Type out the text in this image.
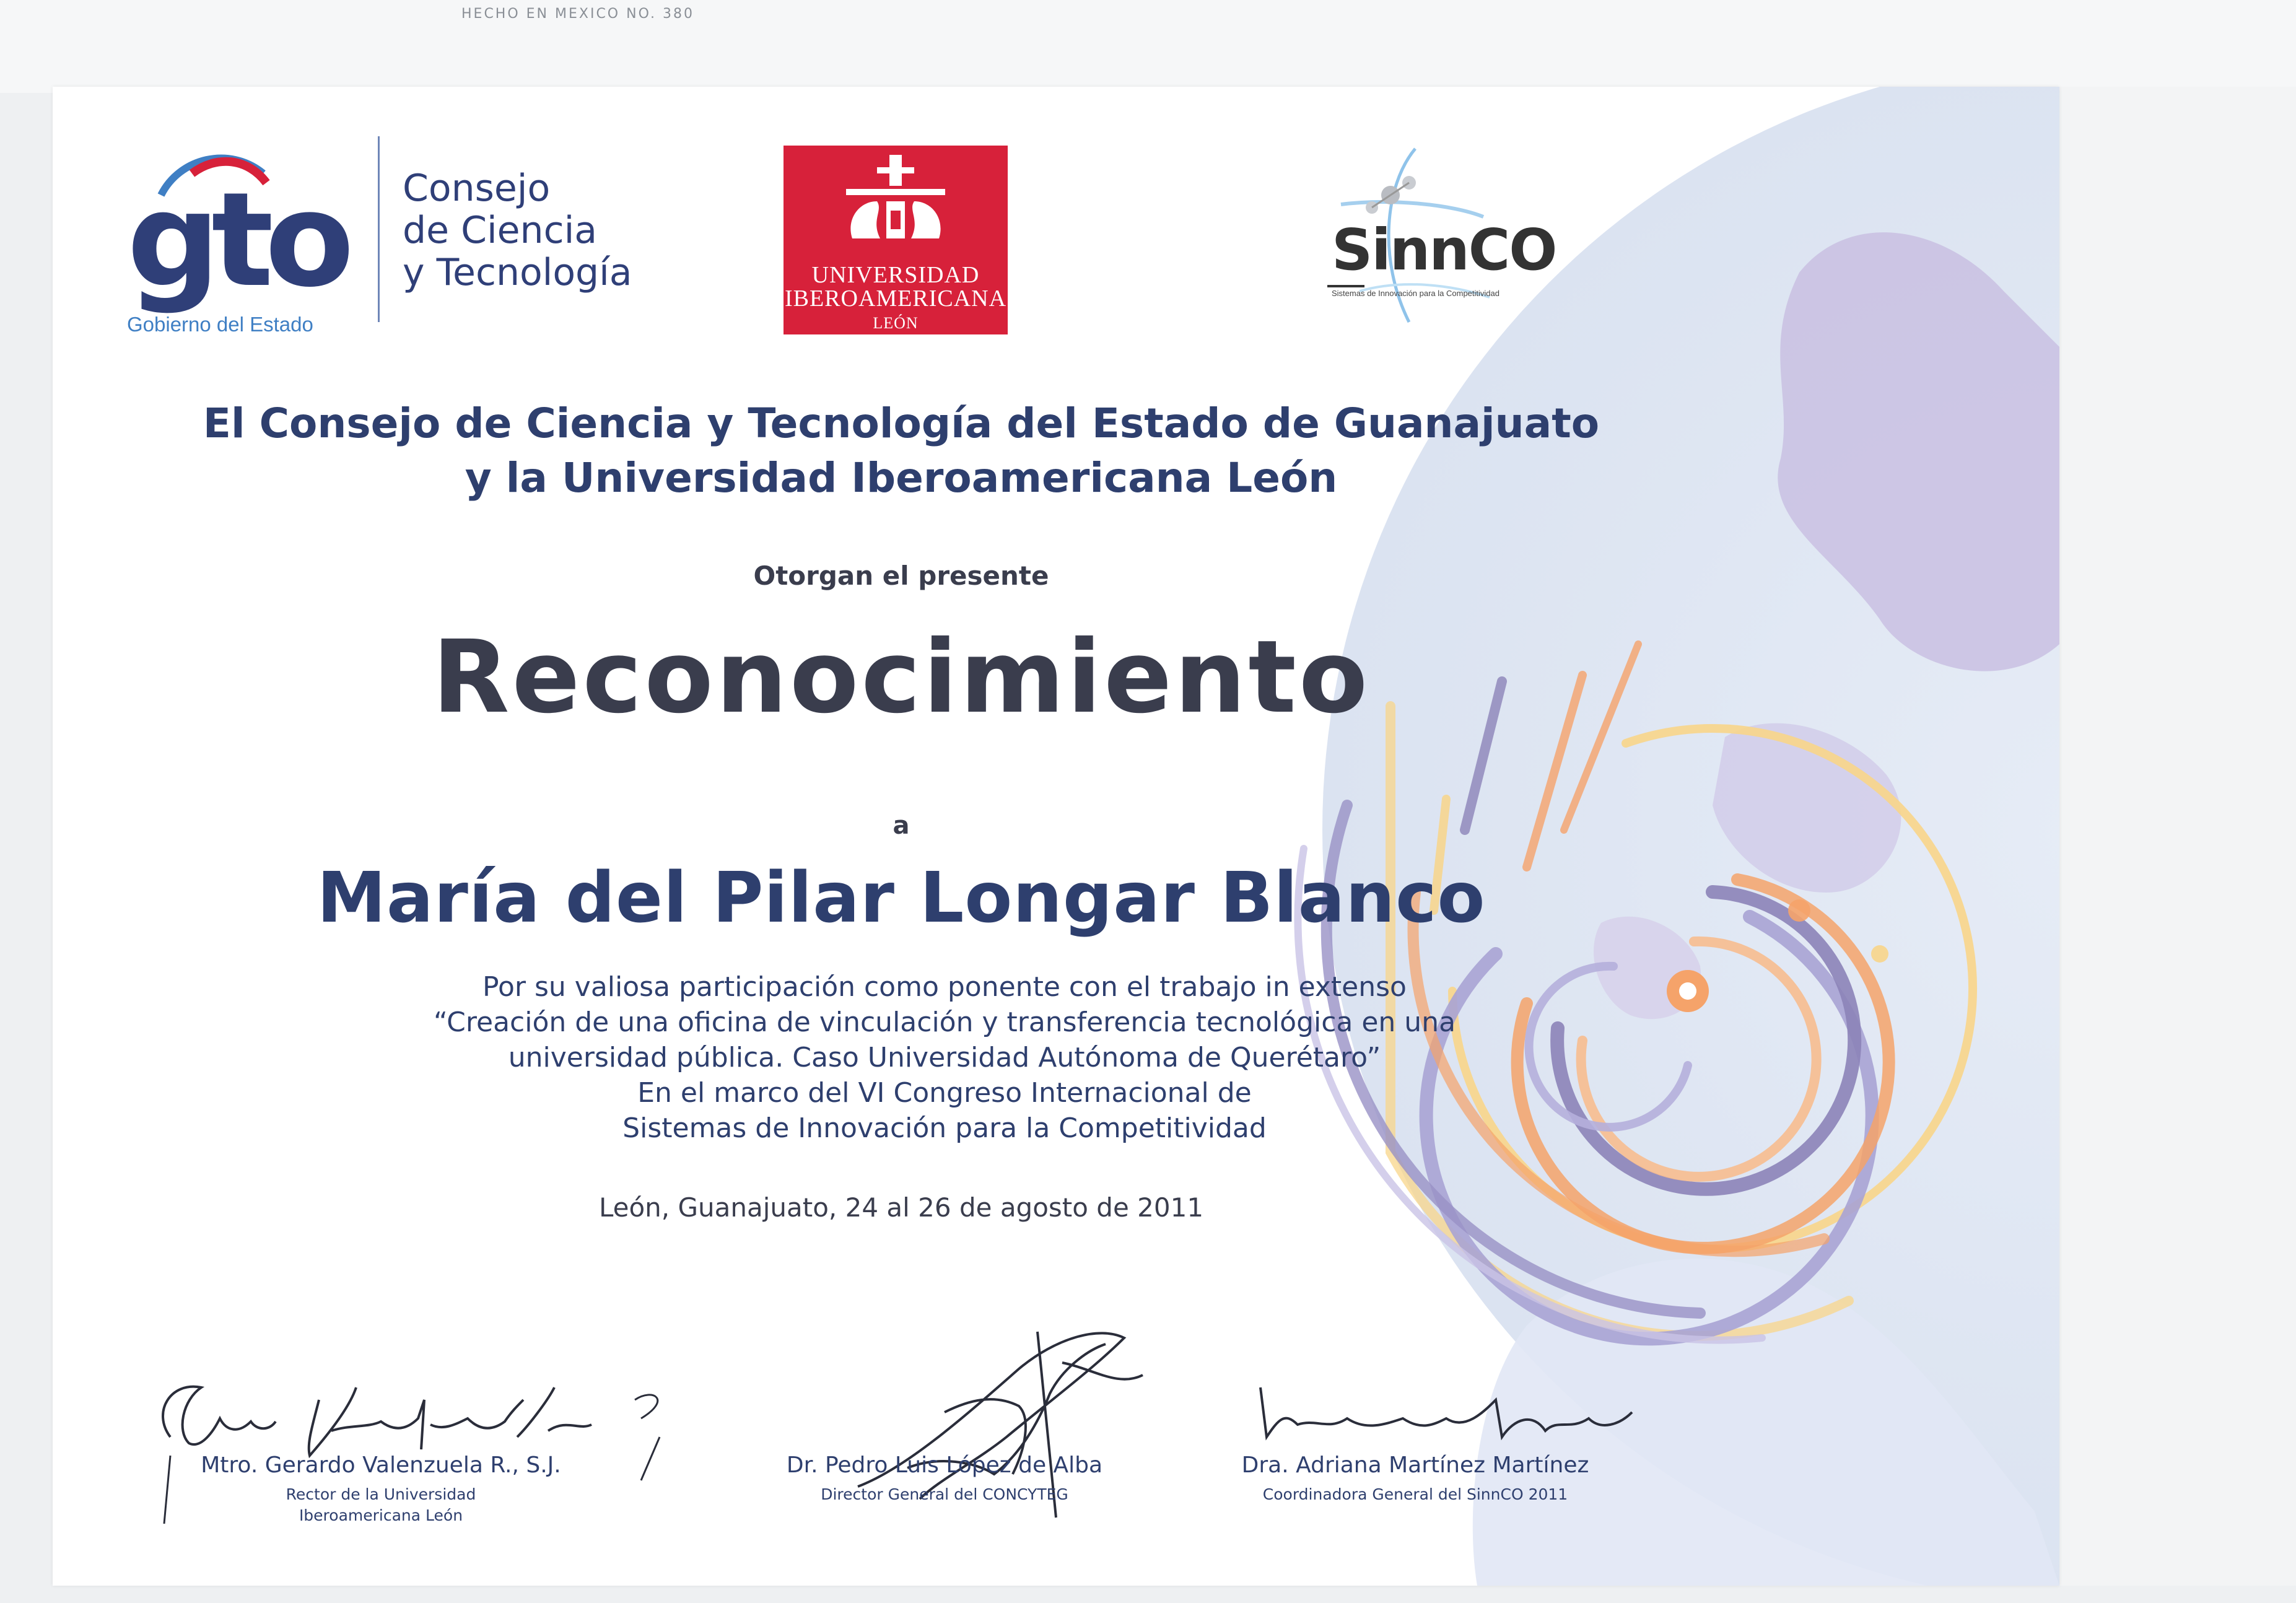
HECHO EN MEXICO NO. 380
gto
Gobierno del Estado
Consejo
de Ciencia
y Tecnología	UNIVERSIDAD
IBEROAMERICANA
LEÓN
SinnCO
Sistemas de Innovación para la Competitividad
El Consejo de Ciencia y Tecnología del Estado de Guanajuato
y la Universidad Iberoamericana León
Otorgan el presente
Reconocimiento
a
María del Pilar Longar Blanco
Por su valiosa participación como ponente con el trabajo in extenso
“Creación de una oficina de vinculación y transferencia tecnológica en una
universidad pública. Caso Universidad Autónoma de Querétaro”
En el marco del VI Congreso Internacional de
Sistemas de Innovación para la Competitividad
León, Guanajuato, 24 al 26 de agosto de 2011
Mtro. Gerardo Valenzuela R., S.J.
Rector de la Universidad
Iberoamericana León
Dr. Pedro Luis López de Alba
Director General del CONCYTEG
Dra. Adriana Martínez Martínez
Coordinadora General del SinnCO 2011
